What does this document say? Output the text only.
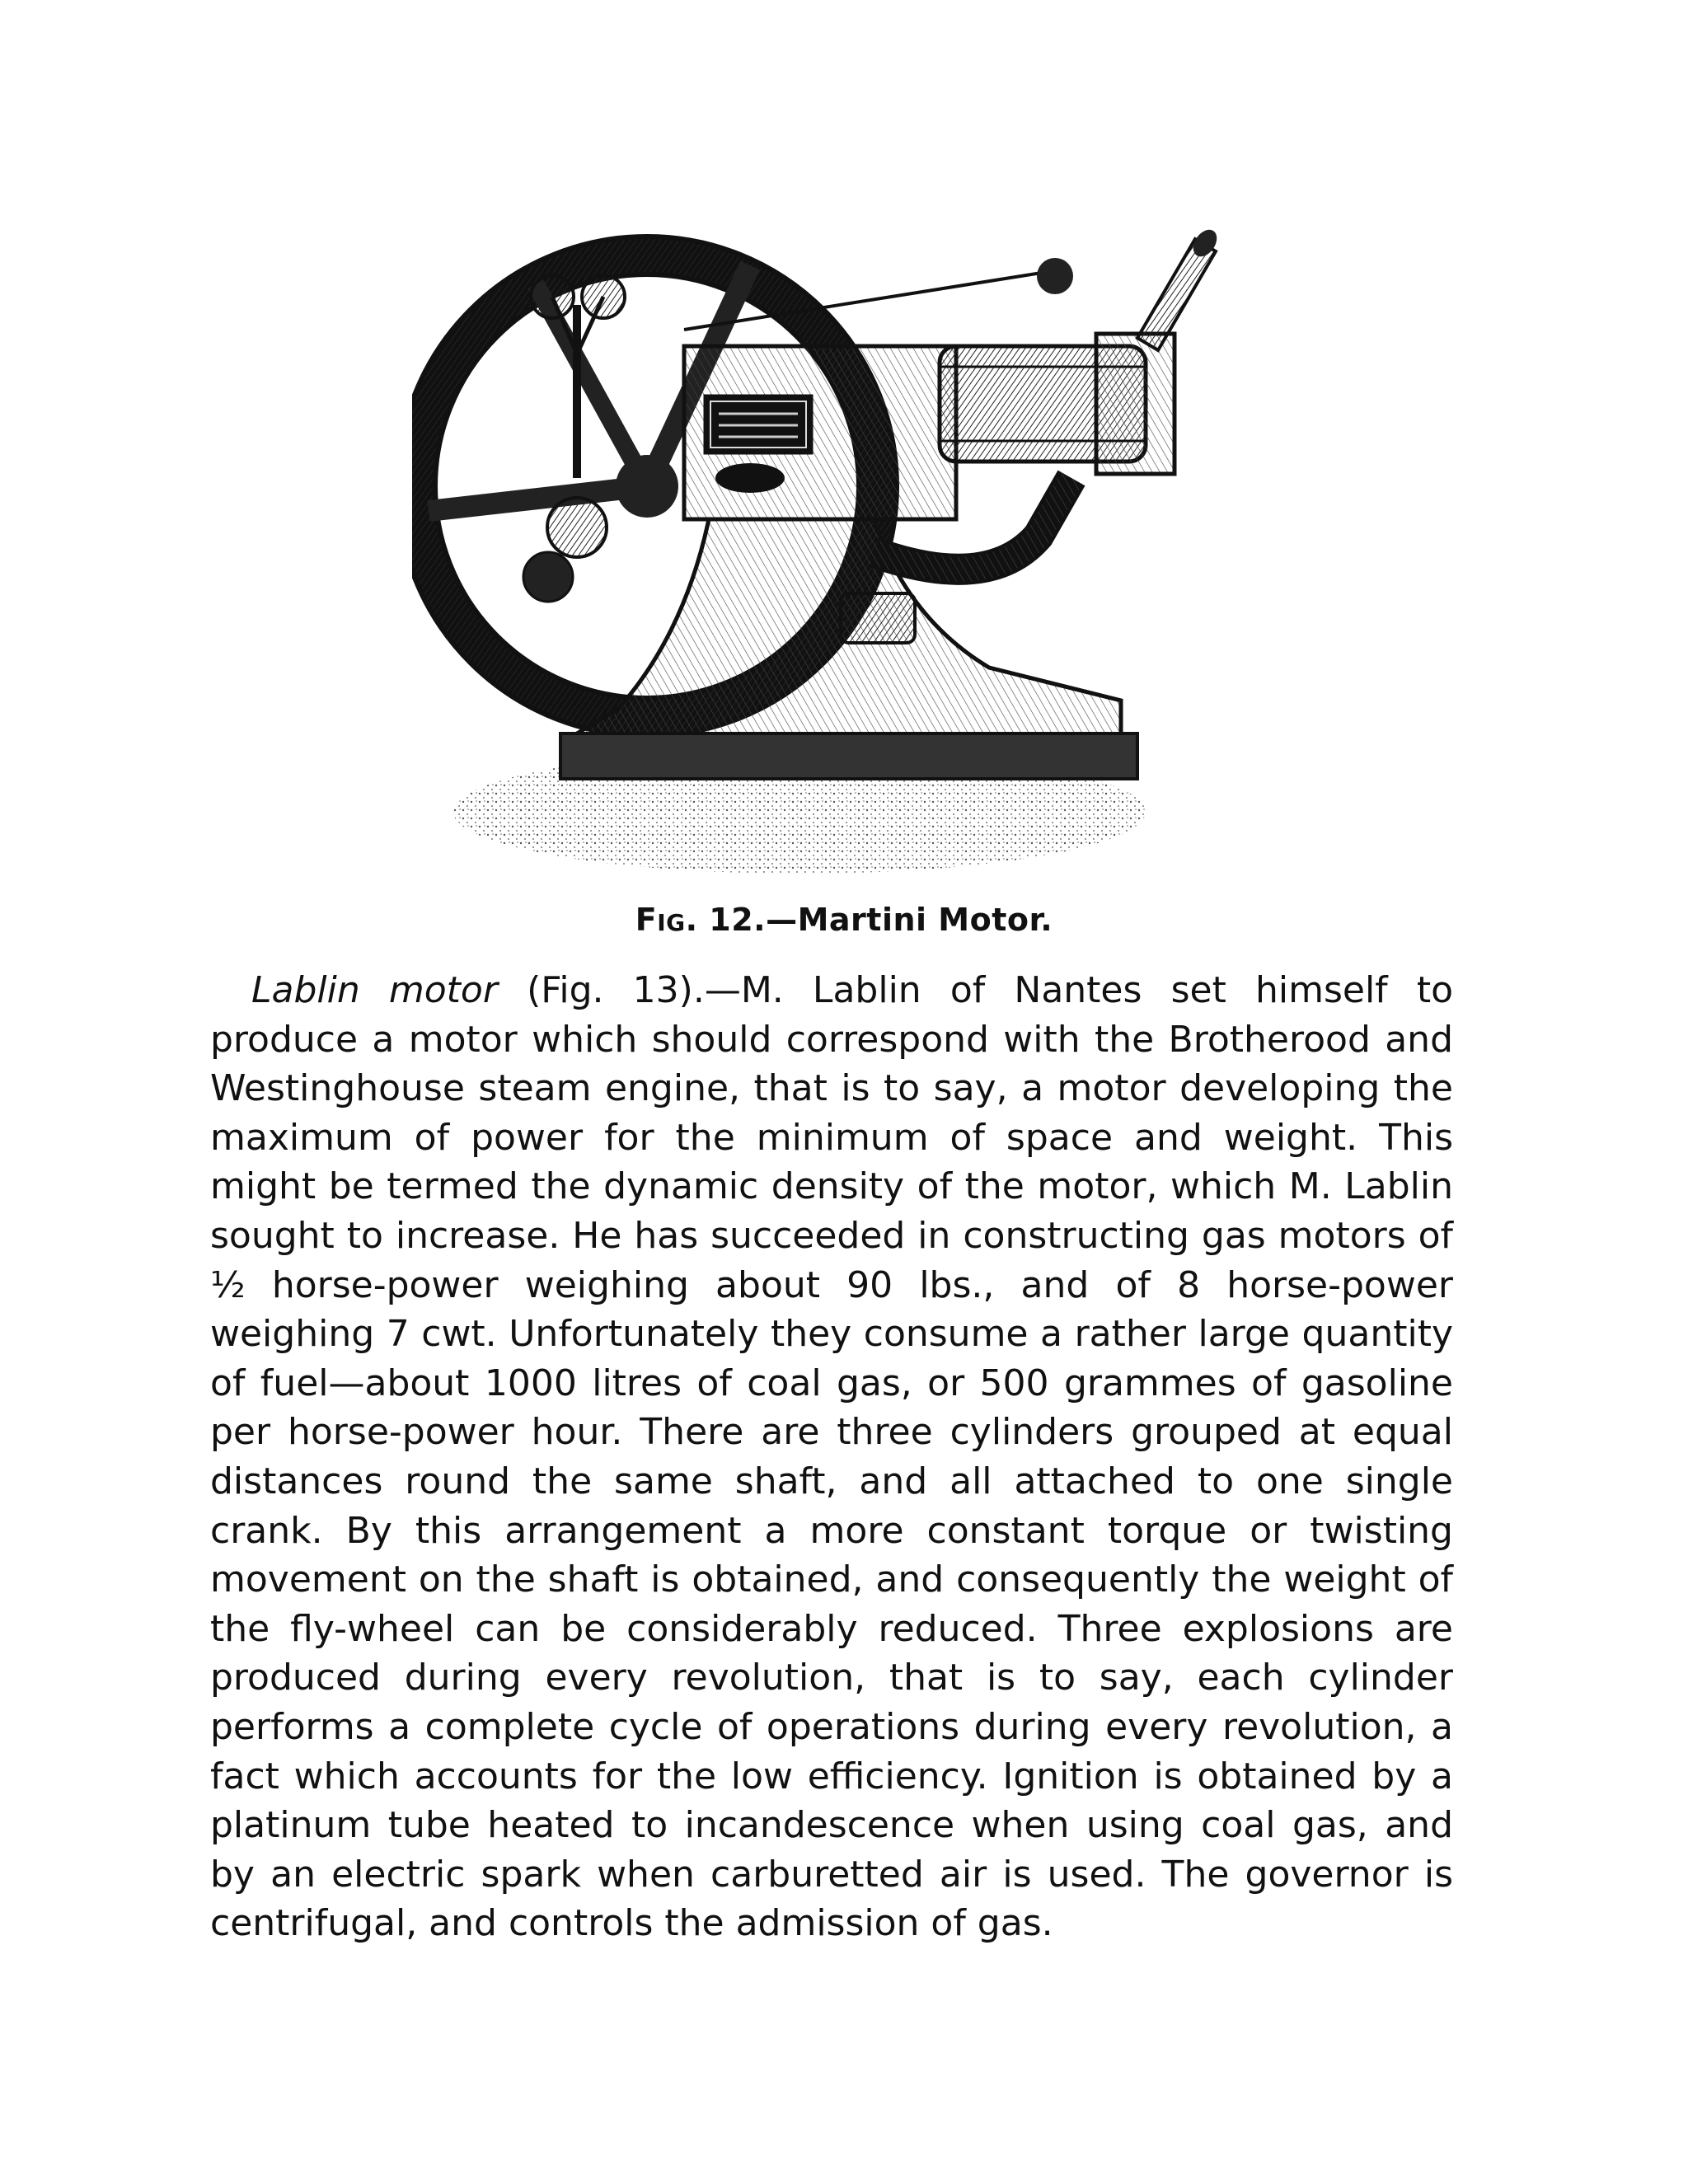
FIG. 12.—Martini Motor.

Lablin motor (Fig. 13).—M. Lablin of Nantes set himself to produce a motor which should correspond with the Brotherood and Westinghouse steam engine, that is to say, a motor developing the maximum of power for the minimum of space and weight. This might be termed the dynamic density of the motor, which M. Lablin sought to increase. He has succeeded in constructing gas motors of ½ horse-power weighing about 90 lbs., and of 8 horse-power weighing 7 cwt. Unfortunately they consume a rather large quantity of fuel—about 1000 litres of coal gas, or 500 grammes of gasoline per horse-power hour. There are three cylinders grouped at equal distances round the same shaft, and all attached to one single crank. By this arrangement a more constant torque or twisting movement on the shaft is obtained, and consequently the weight of the fly-wheel can be considerably reduced. Three explosions are produced during every revolution, that is to say, each cylinder performs a complete cycle of operations during every revolution, a fact which accounts for the low efficiency. Ignition is obtained by a platinum tube heated to incandescence when using coal gas, and by an electric spark when carburetted air is used. The governor is centrifugal, and controls the admission of gas.
